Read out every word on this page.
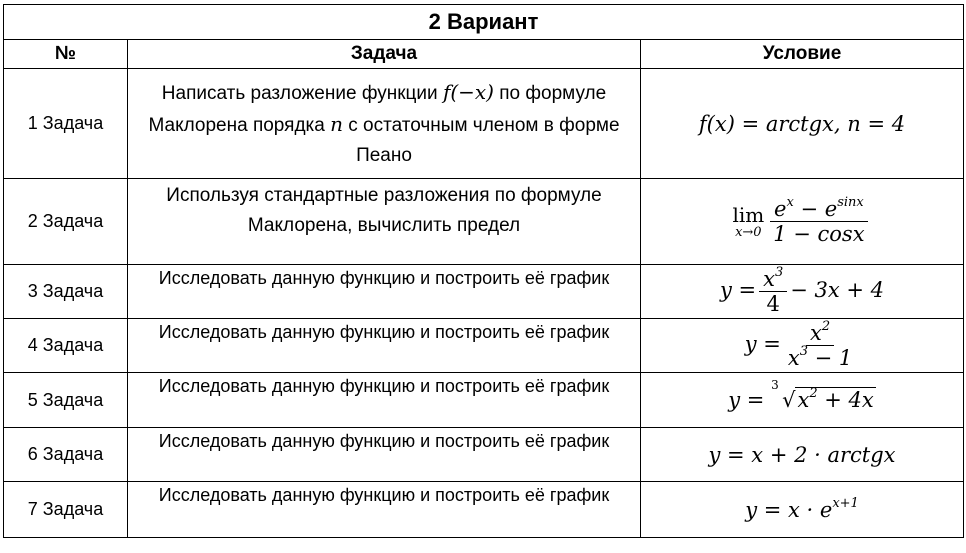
2 Вариант		
№	Задача	Условие
1 Задача	Написать разложение функции f(−x) по формуле Маклорена порядка n с остаточным членом в форме Пеано	f(x) = arctgx, n = 4
2 Задача	Используя стандартные разложения по формуле Маклорена, вычислить предел	lim
$x\to 0 \frac{e^x - e^{sinx}}{1 - \cos x}$

3 Задача	Исследовать данную функцию и построить её график	$y = \frac{x^3}{4} - 3x + 4$
4 Задача	Исследовать данную функцию и построить её график	$y = \frac{x^2}{x^3 - 1}$

5 Задача	Исследовать данную функцию и построить её график	y =
3
$√x^2 + 4x$
6 Задача	Исследовать данную функцию и построить её график	y = x + 2 · arctgx
7 Задача	Исследовать данную функцию и построить её график	$y = x \cdot e^{x+1}$
